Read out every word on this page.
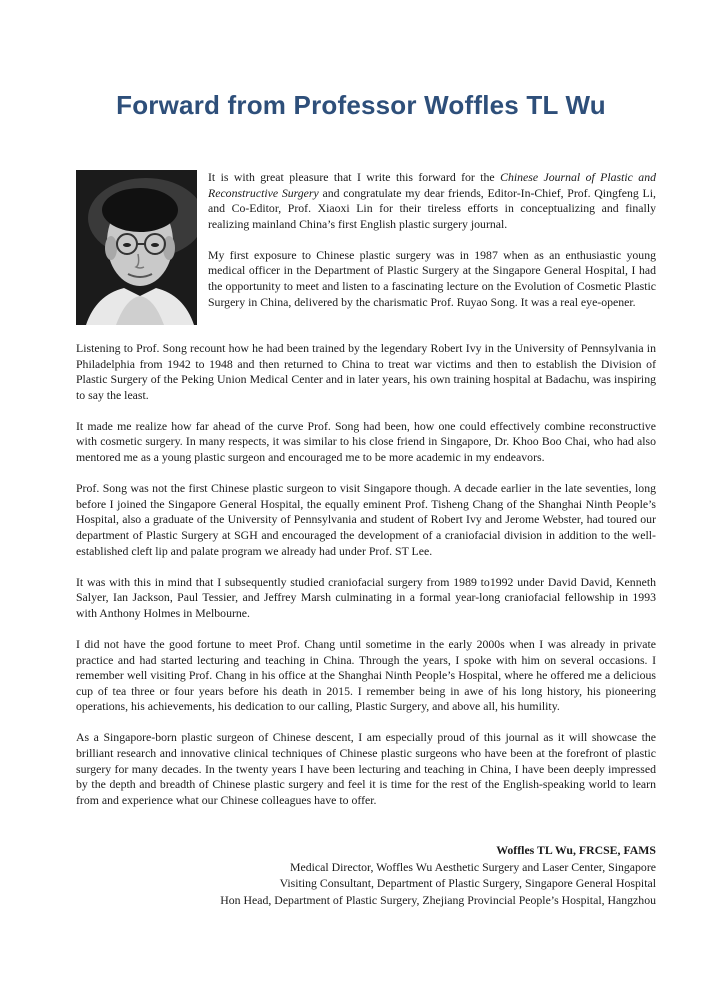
Forward from Professor Woffles TL Wu

It is with great pleasure that I write this forward for the Chinese Journal of Plastic and Reconstructive Surgery and congratulate my dear friends, Editor-In-Chief, Prof. Qingfeng Li, and Co-Editor, Prof. Xiaoxi Lin for their tireless efforts in conceptualizing and finally realizing mainland China’s first English plastic surgery journal.

My first exposure to Chinese plastic surgery was in 1987 when as an enthusiastic young medical officer in the Department of Plastic Surgery at the Singapore General Hospital, I had the opportunity to meet and listen to a fascinating lecture on the Evolution of Cosmetic Plastic Surgery in China, delivered by the charismatic Prof. Ruyao Song. It was a real eye-opener.

Listening to Prof. Song recount how he had been trained by the legendary Robert Ivy in the University of Pennsylvania in Philadelphia from 1942 to 1948 and then returned to China to treat war victims and then to establish the Division of Plastic Surgery of the Peking Union Medical Center and in later years, his own training hospital at Badachu, was inspiring to say the least.

It made me realize how far ahead of the curve Prof. Song had been, how one could effectively combine reconstructive with cosmetic surgery. In many respects, it was similar to his close friend in Singapore, Dr. Khoo Boo Chai, who had also mentored me as a young plastic surgeon and encouraged me to be more academic in my endeavors.

Prof. Song was not the first Chinese plastic surgeon to visit Singapore though. A decade earlier in the late seventies, long before I joined the Singapore General Hospital, the equally eminent Prof. Tisheng Chang of the Shanghai Ninth People’s Hospital, also a graduate of the University of Pennsylvania and student of Robert Ivy and Jerome Webster, had toured our department of Plastic Surgery at SGH and encouraged the development of a craniofacial division in addition to the well-established cleft lip and palate program we already had under Prof. ST Lee.

It was with this in mind that I subsequently studied craniofacial surgery from 1989 to1992 under David David, Kenneth Salyer, Ian Jackson, Paul Tessier, and Jeffrey Marsh culminating in a formal year-long craniofacial fellowship in 1993 with Anthony Holmes in Melbourne.

I did not have the good fortune to meet Prof. Chang until sometime in the early 2000s when I was already in private practice and had started lecturing and teaching in China. Through the years, I spoke with him on several occasions. I remember well visiting Prof. Chang in his office at the Shanghai Ninth People’s Hospital, where he offered me a delicious cup of tea three or four years before his death in 2015. I remember being in awe of his long history, his pioneering operations, his achievements, his dedication to our calling, Plastic Surgery, and above all, his humility.

As a Singapore-born plastic surgeon of Chinese descent, I am especially proud of this journal as it will showcase the brilliant research and innovative clinical techniques of Chinese plastic surgeons who have been at the forefront of plastic surgery for many decades. In the twenty years I have been lecturing and teaching in China, I have been deeply impressed by the depth and breadth of Chinese plastic surgery and feel it is time for the rest of the English-speaking world to learn from and experience what our Chinese colleagues have to offer.

Woffles TL Wu, FRCSE, FAMS
Medical Director, Woffles Wu Aesthetic Surgery and Laser Center, Singapore
Visiting Consultant, Department of Plastic Surgery, Singapore General Hospital
Hon Head, Department of Plastic Surgery, Zhejiang Provincial People’s Hospital, Hangzhou
